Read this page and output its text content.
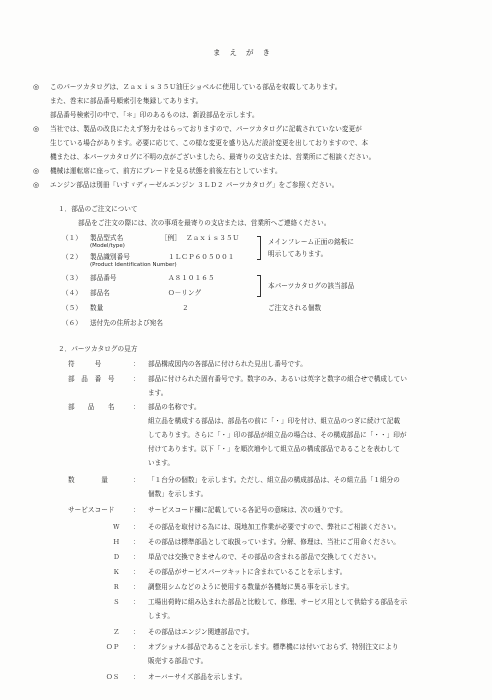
まえがき
◎ このパーツカタログは、Ｚａｘｉｓ３５Ｕ油圧ショベルに使用している部品を収載してあります。
また、巻末に部品番号順索引を集録してあります。
部品番号検索引の中で、「＊」印のあるものは、新設部品を示します。
◎ 当社では、製品の改良にたえず努力をはらっておりますので、パーツカタログに記載されていない変更が
生じている場合があります。必要に応じて、この様な変更を盛り込んだ設計変更を出しておりますので、本
機または、本パーツカタログに不明の点がございましたら、最寄りの支店または、営業所にご相談ください。
◎ 機械は運転席に座って、前方にブレードを見る状態を前後左右としています。
◎ エンジン部品は別冊「いすゞディーゼルエンジン ３ＬＤ２ パーツカタログ」をご参照ください。
１．部品のご注文について
部品をご注文の際には、次の事項を最寄りの支店または、営業所へご連絡ください。
（１） 製品型式名
(Model/type)
［例］ Ｚａｘｉｓ３５Ｕ
（２） 製品識別番号
(Product Identification Number)
１ＬＣＰ６０５００１
メインフレーム正面の銘板に
明示してあります。
（３） 部品番号	Ａ８１０１６５
（４） 部品名	Ｏ－リング
本パーツカタログの該当部品
（５） 数量	２	ご注文される個数
（６） 送付先の住所および宛名
２．パーツカタログの見方
符　　　号	： 部品構成図内の各部品に付けられた見出し番号です。
部　品　番　号	： 部品に付けられた固有番号です。数字のみ、あるいは英字と数字の組合せで構成してい
ます。
部　　品　　名	： 部品の名称です。
組立品を構成する部品は、部品名の前に「・」印を付け、組立品のつぎに続けて記載
してあります。さらに「・」印の部品が組立品の場合は、その構成部品に「・・」印が
付けてあります。以下「・」を順次増やして組立品の構成部品であることを表わして
います。
数　　　　量	： 「１台分の個数」を示します。ただし、組立品の構成部品は、その組立品「１組分の
個数」を示します。
サービスコード	： サービスコード欄に記載している各記号の意味は、次の通りです。
Ｗ ： その部品を取付ける為には、現地加工作業が必要ですので、弊社にご相談ください。
Ｈ ： その部品は標準部品として取扱っています。分解、修理は、当社にご用命ください。
Ｄ ： 単品では交換できませんので、その部品の含まれる部品で交換してください。
Ｋ ： その部品がサービスパーツキットに含まれていることを示します。
Ｒ ： 調整用シムなどのように使用する数量が各機毎に異る事を示します。
Ｓ ： 工場出荷時に組み込まれた部品と比較して、修理、サービス用として供給する部品を示
します。
Ｚ ： その部品はエンジン関連部品です。
ＯＰ ： オプショナル部品であることを示します。標準機には付いておらず、特別注文により
販売する部品です。
ＯＳ ： オーバーサイズ部品を示します。
